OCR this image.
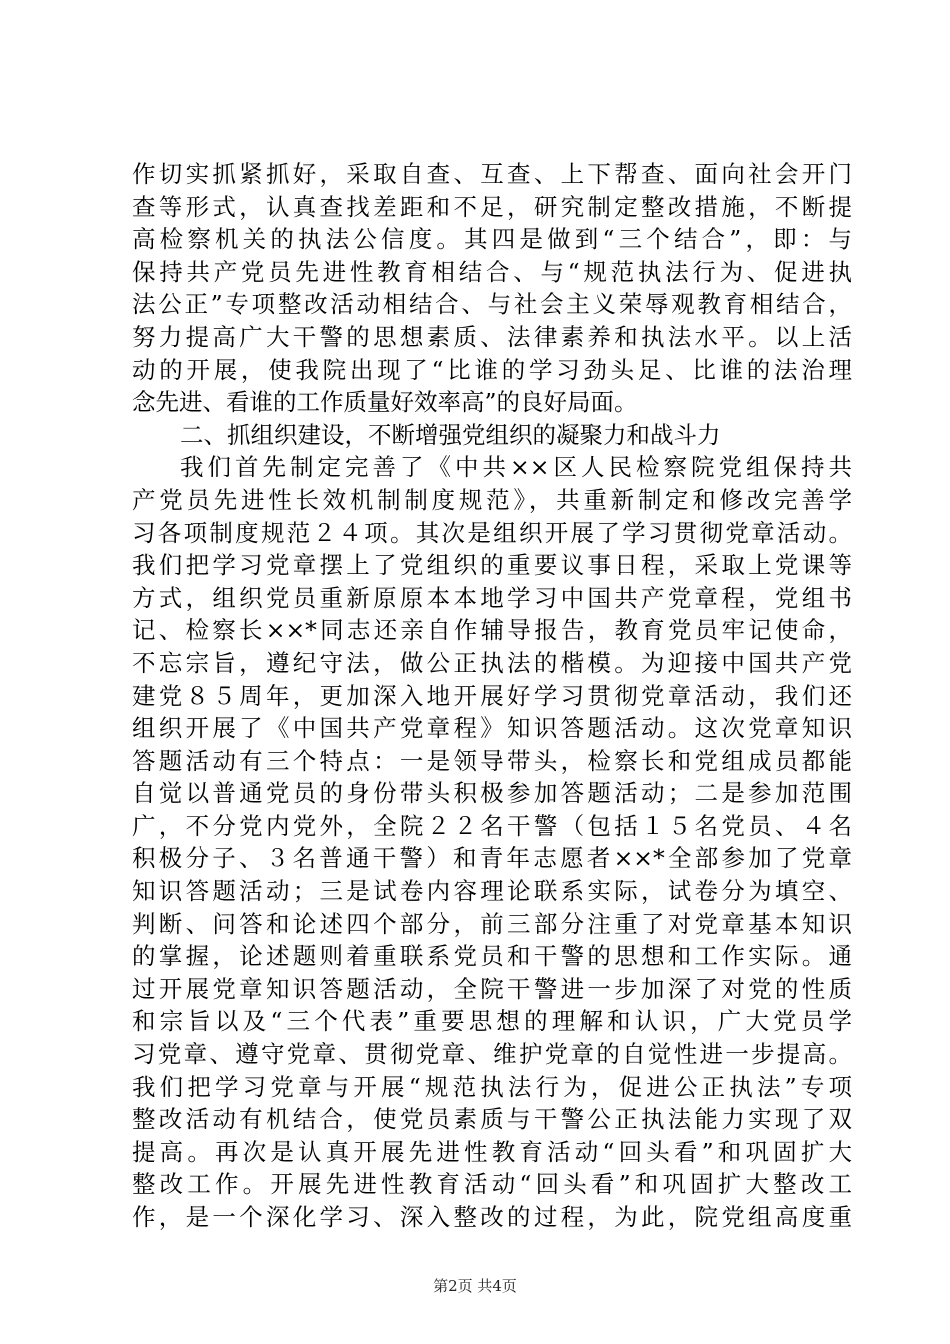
作切实抓紧抓好，采取自查、互查、上下帮查、面向社会开门
查等形式，认真查找差距和不足，研究制定整改措施，不断提
高检察机关的执法公信度。其四是做到“三个结合”，即：与
保持共产党员先进性教育相结合、与“规范执法行为、促进执
法公正”专项整改活动相结合、与社会主义荣辱观教育相结合，
努力提高广大干警的思想素质、法律素养和执法水平。以上活
动的开展，使我院出现了“比谁的学习劲头足、比谁的法治理
念先进、看谁的工作质量好效率高”的良好局面。
二、抓组织建设，不断增强党组织的凝聚力和战斗力
我们首先制定完善了《中共××区人民检察院党组保持共
产党员先进性长效机制制度规范》，共重新制定和修改完善学
习各项制度规范２４项。其次是组织开展了学习贯彻党章活动。
我们把学习党章摆上了党组织的重要议事日程，采取上党课等
方式，组织党员重新原原本本地学习中国共产党章程，党组书
记、检察长××*同志还亲自作辅导报告，教育党员牢记使命，
不忘宗旨，遵纪守法，做公正执法的楷模。为迎接中国共产党
建党８５周年，更加深入地开展好学习贯彻党章活动，我们还
组织开展了《中国共产党章程》知识答题活动。这次党章知识
答题活动有三个特点：一是领导带头，检察长和党组成员都能
自觉以普通党员的身份带头积极参加答题活动；二是参加范围
广，不分党内党外，全院２２名干警（包括１５名党员、４名
积极分子、３名普通干警）和青年志愿者××*全部参加了党章
知识答题活动；三是试卷内容理论联系实际，试卷分为填空、
判断、问答和论述四个部分，前三部分注重了对党章基本知识
的掌握，论述题则着重联系党员和干警的思想和工作实际。通
过开展党章知识答题活动，全院干警进一步加深了对党的性质
和宗旨以及“三个代表”重要思想的理解和认识，广大党员学
习党章、遵守党章、贯彻党章、维护党章的自觉性进一步提高。
我们把学习党章与开展“规范执法行为，促进公正执法”专项
整改活动有机结合，使党员素质与干警公正执法能力实现了双
提高。再次是认真开展先进性教育活动“回头看”和巩固扩大
整改工作。开展先进性教育活动“回头看”和巩固扩大整改工
作，是一个深化学习、深入整改的过程，为此，院党组高度重
第2页 共4页
